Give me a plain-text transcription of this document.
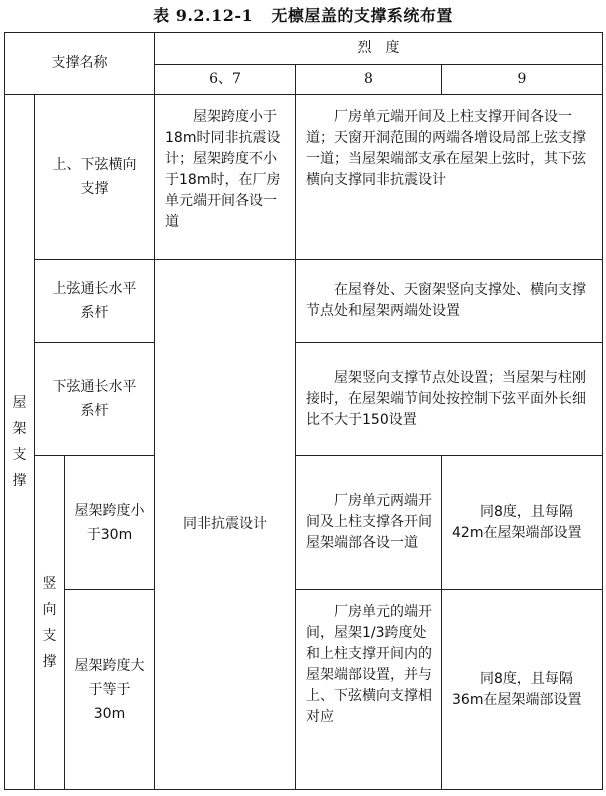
表 9.2.12-1 无檩屋盖的支撑系统布置
支撑名称			烈　度		
			6、7	8	9
屋架支撑	上、下弦横向支撑		屋架跨度小于18m时同非抗震设计；屋架跨度不小于18m时，在厂房单元端开间各设一道	厂房单元端开间及上柱支撑开间各设一道；天窗开洞范围的两端各增设局部上弦支撑一道；当屋架端部支承在屋架上弦时，其下弦横向支撑同非抗震设计	
	上弦通长水平系杆		同非抗震设计	在屋脊处、天窗架竖向支撑处、横向支撑节点处和屋架两端处设置	
	下弦通长水平系杆			屋架竖向支撑节点处设置；当屋架与柱刚接时，在屋架端节间处按控制下弦平面外长细比不大于150设置	
	竖向支撑	屋架跨度小于30m		厂房单元两端开间及上柱支撑各开间屋架端部各设一道	同8度，且每隔42m在屋架端部设置
		屋架跨度大于等于30m		厂房单元的端开间，屋架1/3跨度处和上柱支撑开间内的屋架端部设置，并与上、下弦横向支撑相对应	同8度，且每隔36m在屋架端部设置
